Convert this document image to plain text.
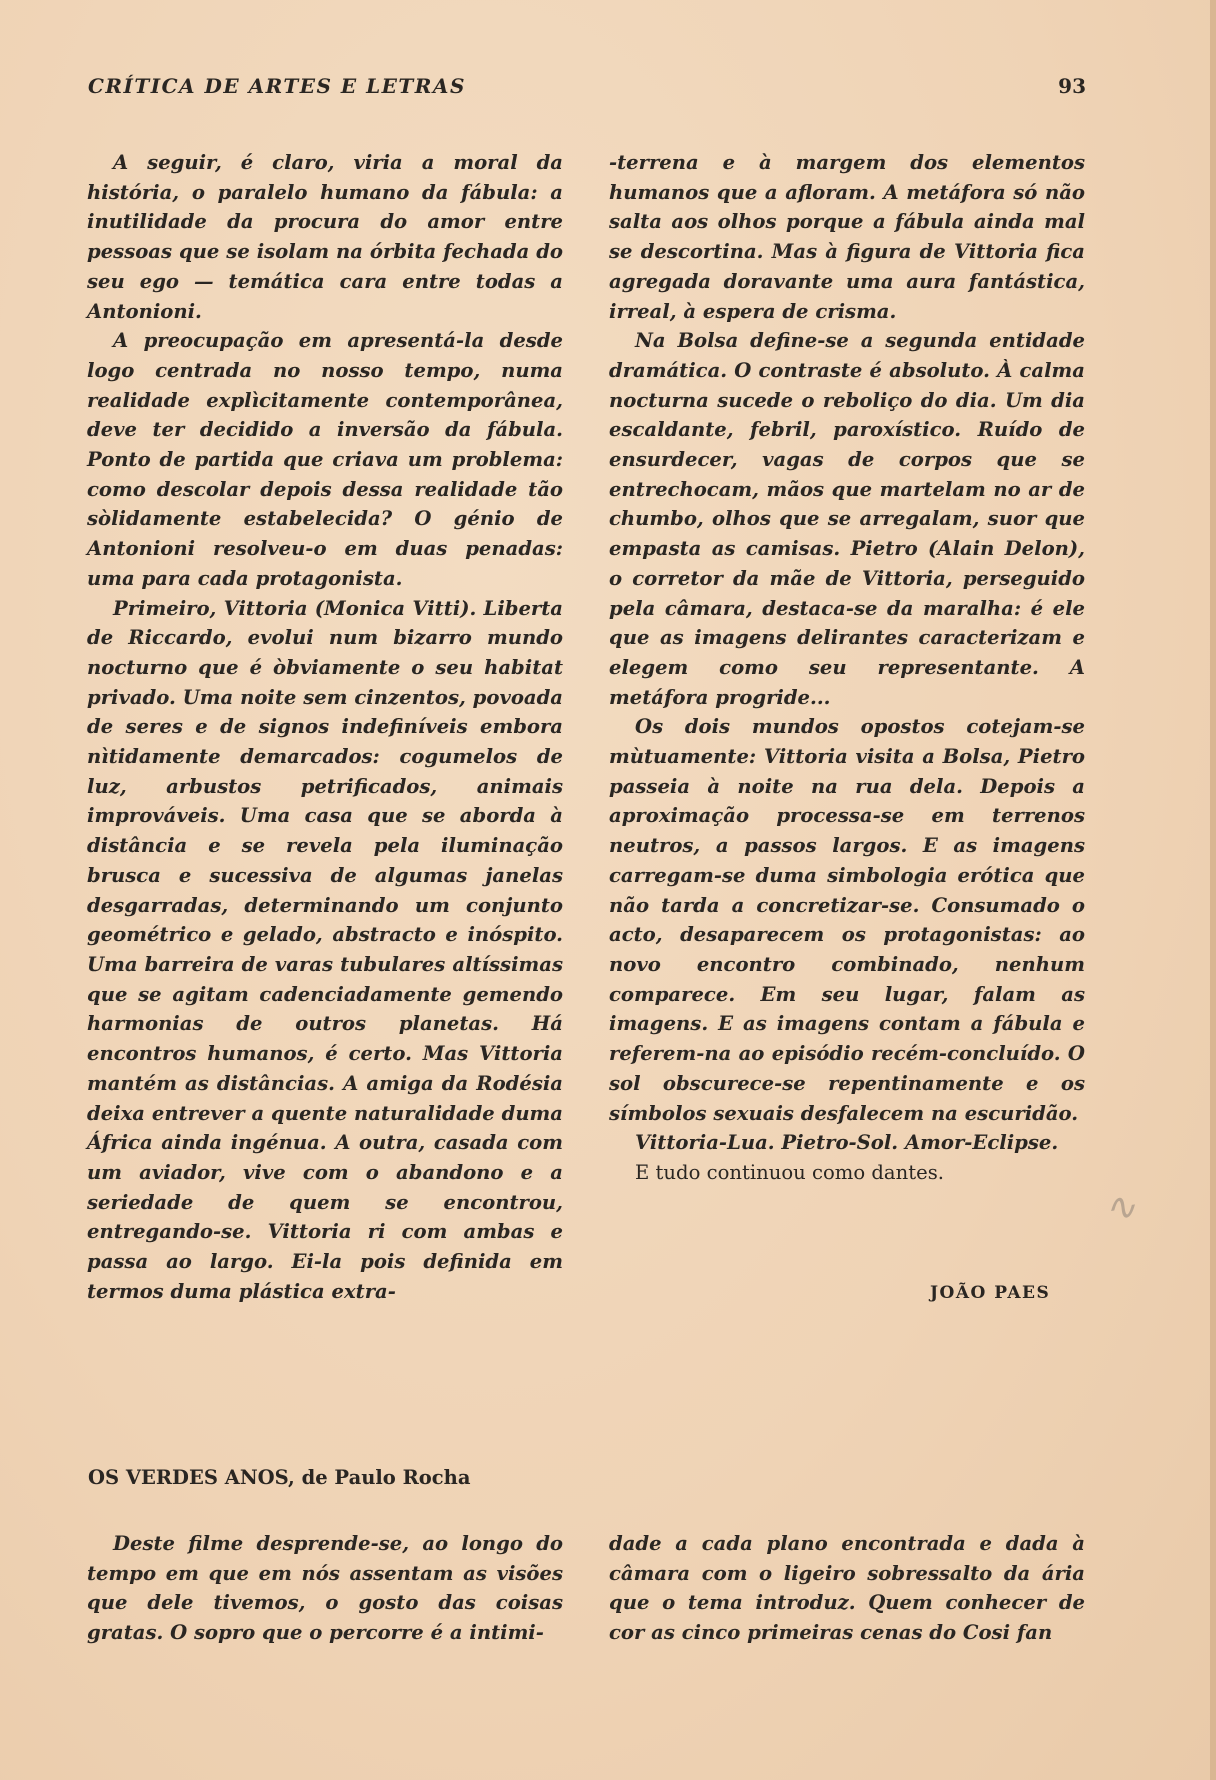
CRÍTICA DE ARTES E LETRAS	93

A seguir, é claro, viria a moral da história, o paralelo humano da fábula: a inutilidade da procura do amor entre pessoas que se isolam na órbita fechada do seu ego — temática cara entre todas a Antonioni.

A preocupação em apresentá-la desde logo centrada no nosso tempo, numa realidade explìcitamente contemporânea, deve ter decidido a inversão da fábula. Ponto de partida que criava um problema: como descolar depois dessa realidade tão sòlidamente estabelecida? O génio de Antonioni resolveu-o em duas penadas: uma para cada protagonista.

Primeiro, Vittoria (Monica Vitti). Liberta de Riccardo, evolui num bizarro mundo nocturno que é òbviamente o seu habitat privado. Uma noite sem cinzentos, povoada de seres e de signos indefiníveis embora nìtidamente demarcados: cogumelos de luz, arbustos petrificados, animais improváveis. Uma casa que se aborda à distância e se revela pela iluminação brusca e sucessiva de algumas janelas desgarradas, determinando um conjunto geométrico e gelado, abstracto e inóspito. Uma barreira de varas tubulares altíssimas que se agitam cadenciadamente gemendo harmonias de outros planetas. Há encontros humanos, é certo. Mas Vittoria mantém as distâncias. A amiga da Rodésia deixa entrever a quente naturalidade duma África ainda ingénua. A outra, casada com um aviador, vive com o abandono e a seriedade de quem se encontrou, entregando-se. Vittoria ri com ambas e passa ao largo. Ei-la pois definida em termos duma plástica extra-

-terrena e à margem dos elementos humanos que a afloram. A metáfora só não salta aos olhos porque a fábula ainda mal se descortina. Mas à figura de Vittoria fica agregada doravante uma aura fantástica, irreal, à espera de crisma.

Na Bolsa define-se a segunda entidade dramática. O contraste é absoluto. À calma nocturna sucede o reboliço do dia. Um dia escaldante, febril, paroxístico. Ruído de ensurdecer, vagas de corpos que se entrechocam, mãos que martelam no ar de chumbo, olhos que se arregalam, suor que empasta as camisas. Pietro (Alain Delon), o corretor da mãe de Vittoria, perseguido pela câmara, destaca-se da maralha: é ele que as imagens delirantes caracterizam e elegem como seu representante. A metáfora progride...

Os dois mundos opostos cotejam-se mùtuamente: Vittoria visita a Bolsa, Pietro passeia à noite na rua dela. Depois a aproximação processa-se em terrenos neutros, a passos largos. E as imagens carregam-se duma simbologia erótica que não tarda a concretizar-se. Consumado o acto, desaparecem os protagonistas: ao novo encontro combinado, nenhum comparece. Em seu lugar, falam as imagens. E as imagens contam a fábula e referem-na ao episódio recém-concluído. O sol obscurece-se repentinamente e os símbolos sexuais desfalecem na escuridão.

Vittoria-Lua. Pietro-Sol. Amor-Eclipse.

E tudo continuou como dantes.

JOÃO PAES
OS VERDES ANOS, de Paulo Rocha

Deste filme desprende-se, ao longo do tempo em que em nós assentam as visões que dele tivemos, o gosto das coisas gratas. O sopro que o percorre é a intimi-

dade a cada plano encontrada e dada à câmara com o ligeiro sobressalto da ária que o tema introduz. Quem conhecer de cor as cinco primeiras cenas do Cosi fan

∿
